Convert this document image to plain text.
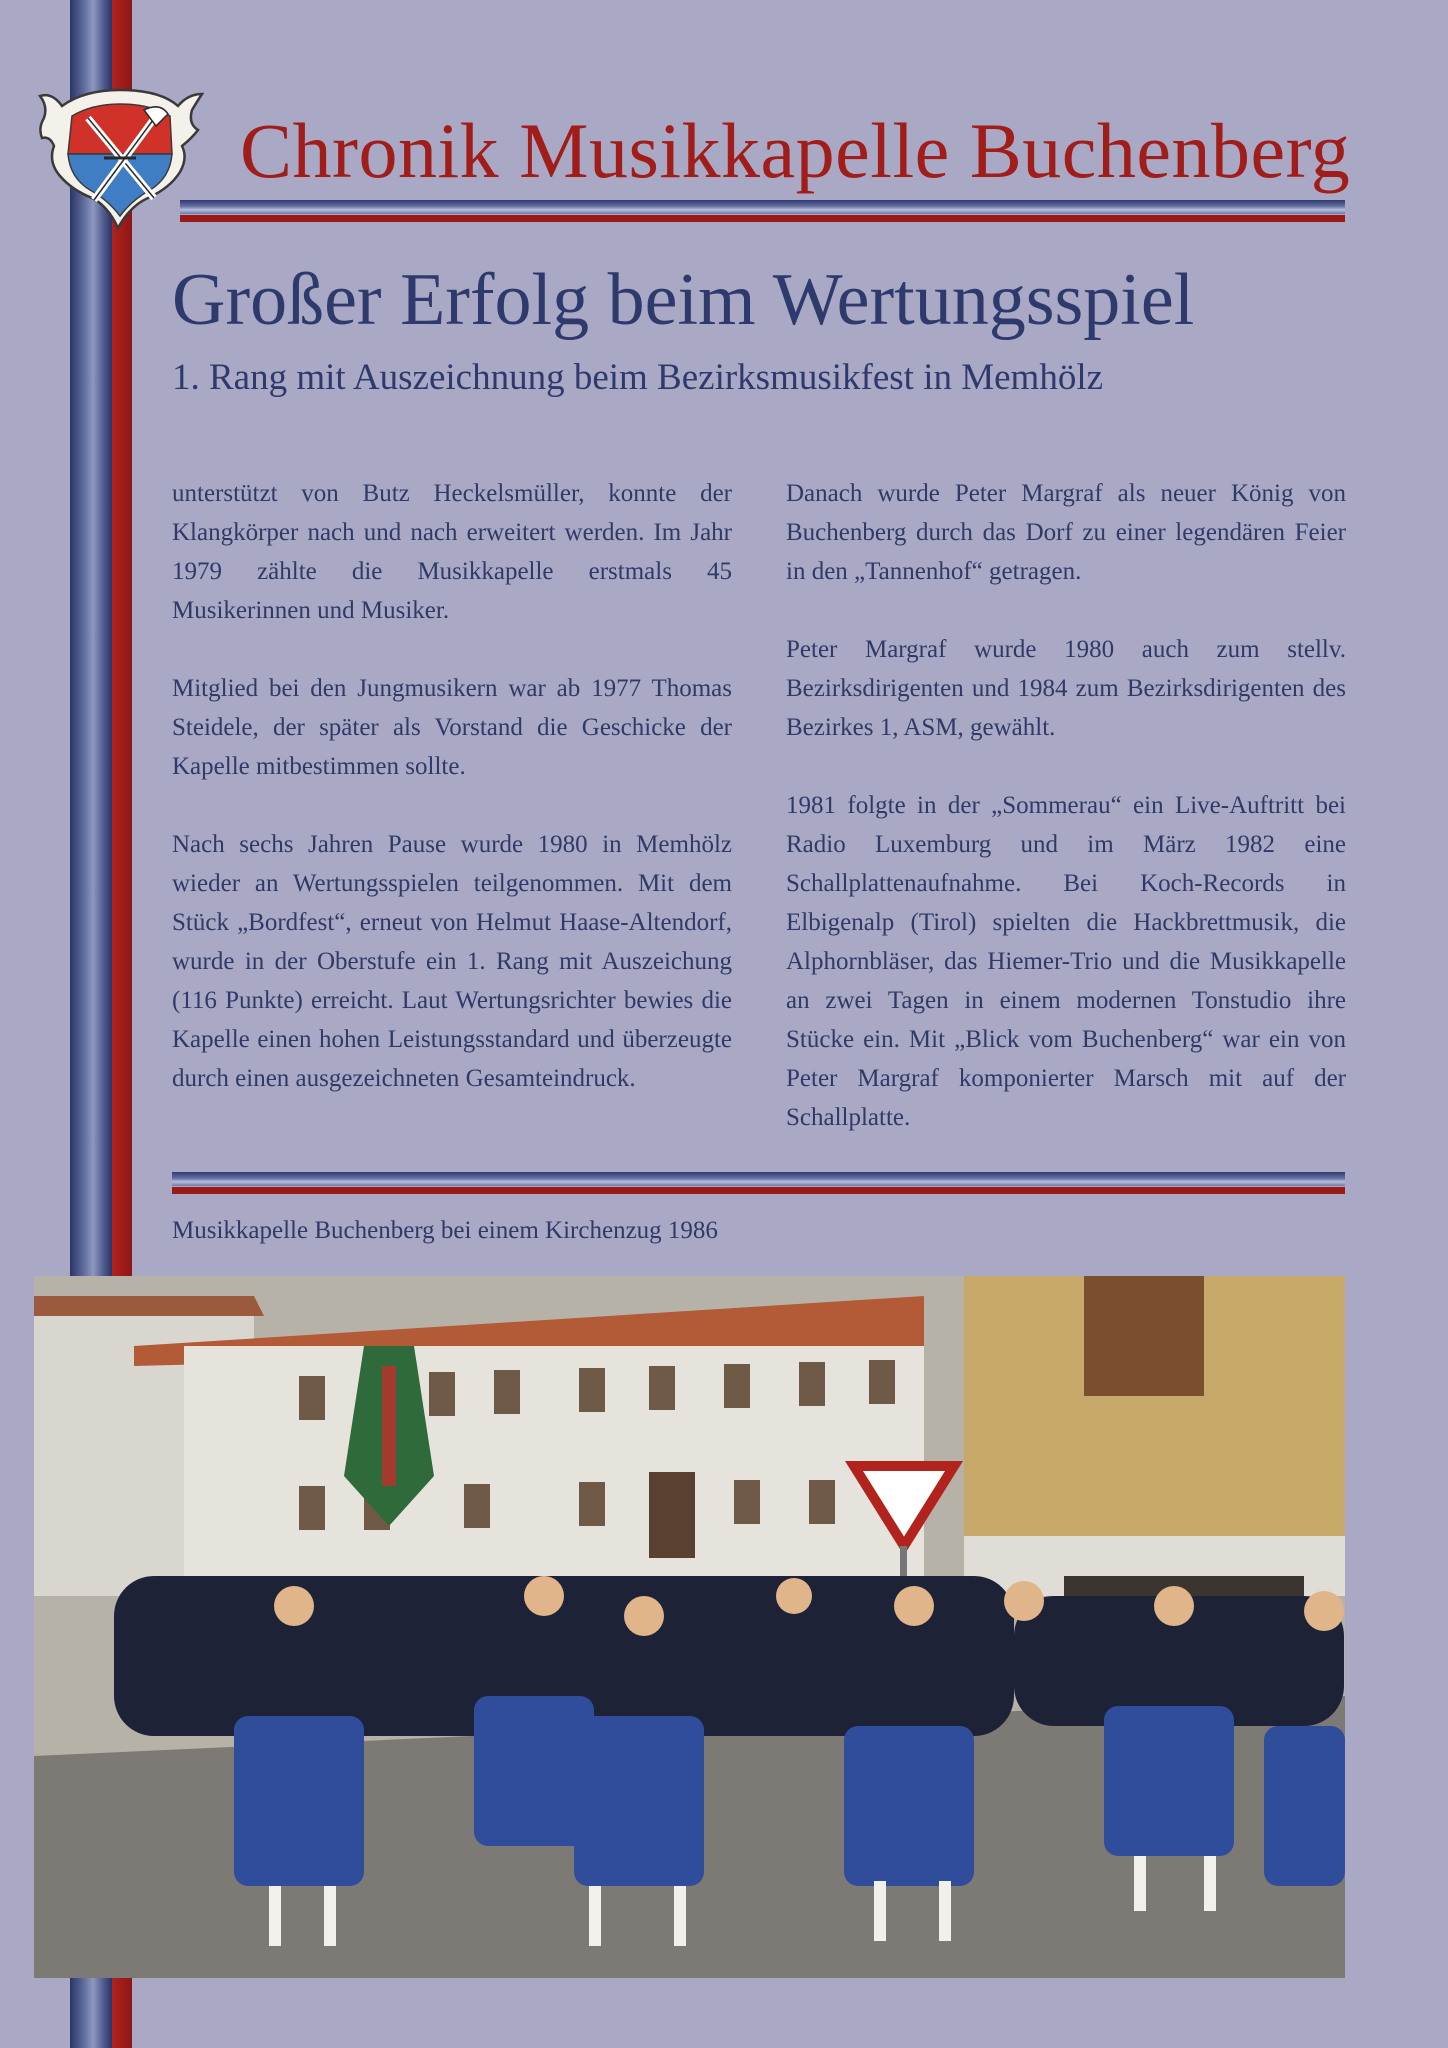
Chronik Musikkapelle Buchenberg
Großer Erfolg beim Wertungsspiel
1. Rang mit Auszeichnung beim Bezirksmusikfest in Memhölz

unterstützt von Butz Heckelsmüller, konnte der Klangkörper nach und nach erweitert werden. Im Jahr 1979 zählte die Musikkapelle erstmals 45 Musikerinnen und Musiker.

Mitglied bei den Jungmusikern war ab 1977 Thomas Steidele, der später als Vorstand die Geschicke der Kapelle mitbestimmen sollte.

Nach sechs Jahren Pause wurde 1980 in Memhölz wieder an Wertungsspielen teilgenommen. Mit dem Stück „Bordfest“, erneut von Helmut Haase-Altendorf, wurde in der Oberstufe ein 1. Rang mit Auszeichung (116 Punkte) erreicht. Laut Wertungsrichter bewies die Kapelle einen hohen Leistungsstandard und überzeugte durch einen ausgezeichneten Gesamteindruck.

Danach wurde Peter Margraf als neuer König von Buchenberg durch das Dorf zu einer legendären Feier in den „Tannenhof“ getragen.

Peter Margraf wurde 1980 auch zum stellv. Bezirksdirigenten und 1984 zum Bezirksdirigenten des Bezirkes 1, ASM, gewählt.

1981 folgte in der „Sommerau“ ein Live-Auftritt bei Radio Luxemburg und im März 1982 eine Schallplattenaufnahme. Bei Koch-Records in Elbigenalp (Tirol) spielten die Hackbrettmusik, die Alphornbläser, das Hiemer-Trio und die Musikkapelle an zwei Tagen in einem modernen Tonstudio ihre Stücke ein. Mit „Blick vom Buchenberg“ war ein von Peter Margraf komponierter Marsch mit auf der Schallplatte.

Musikkapelle Buchenberg bei einem Kirchenzug 1986
